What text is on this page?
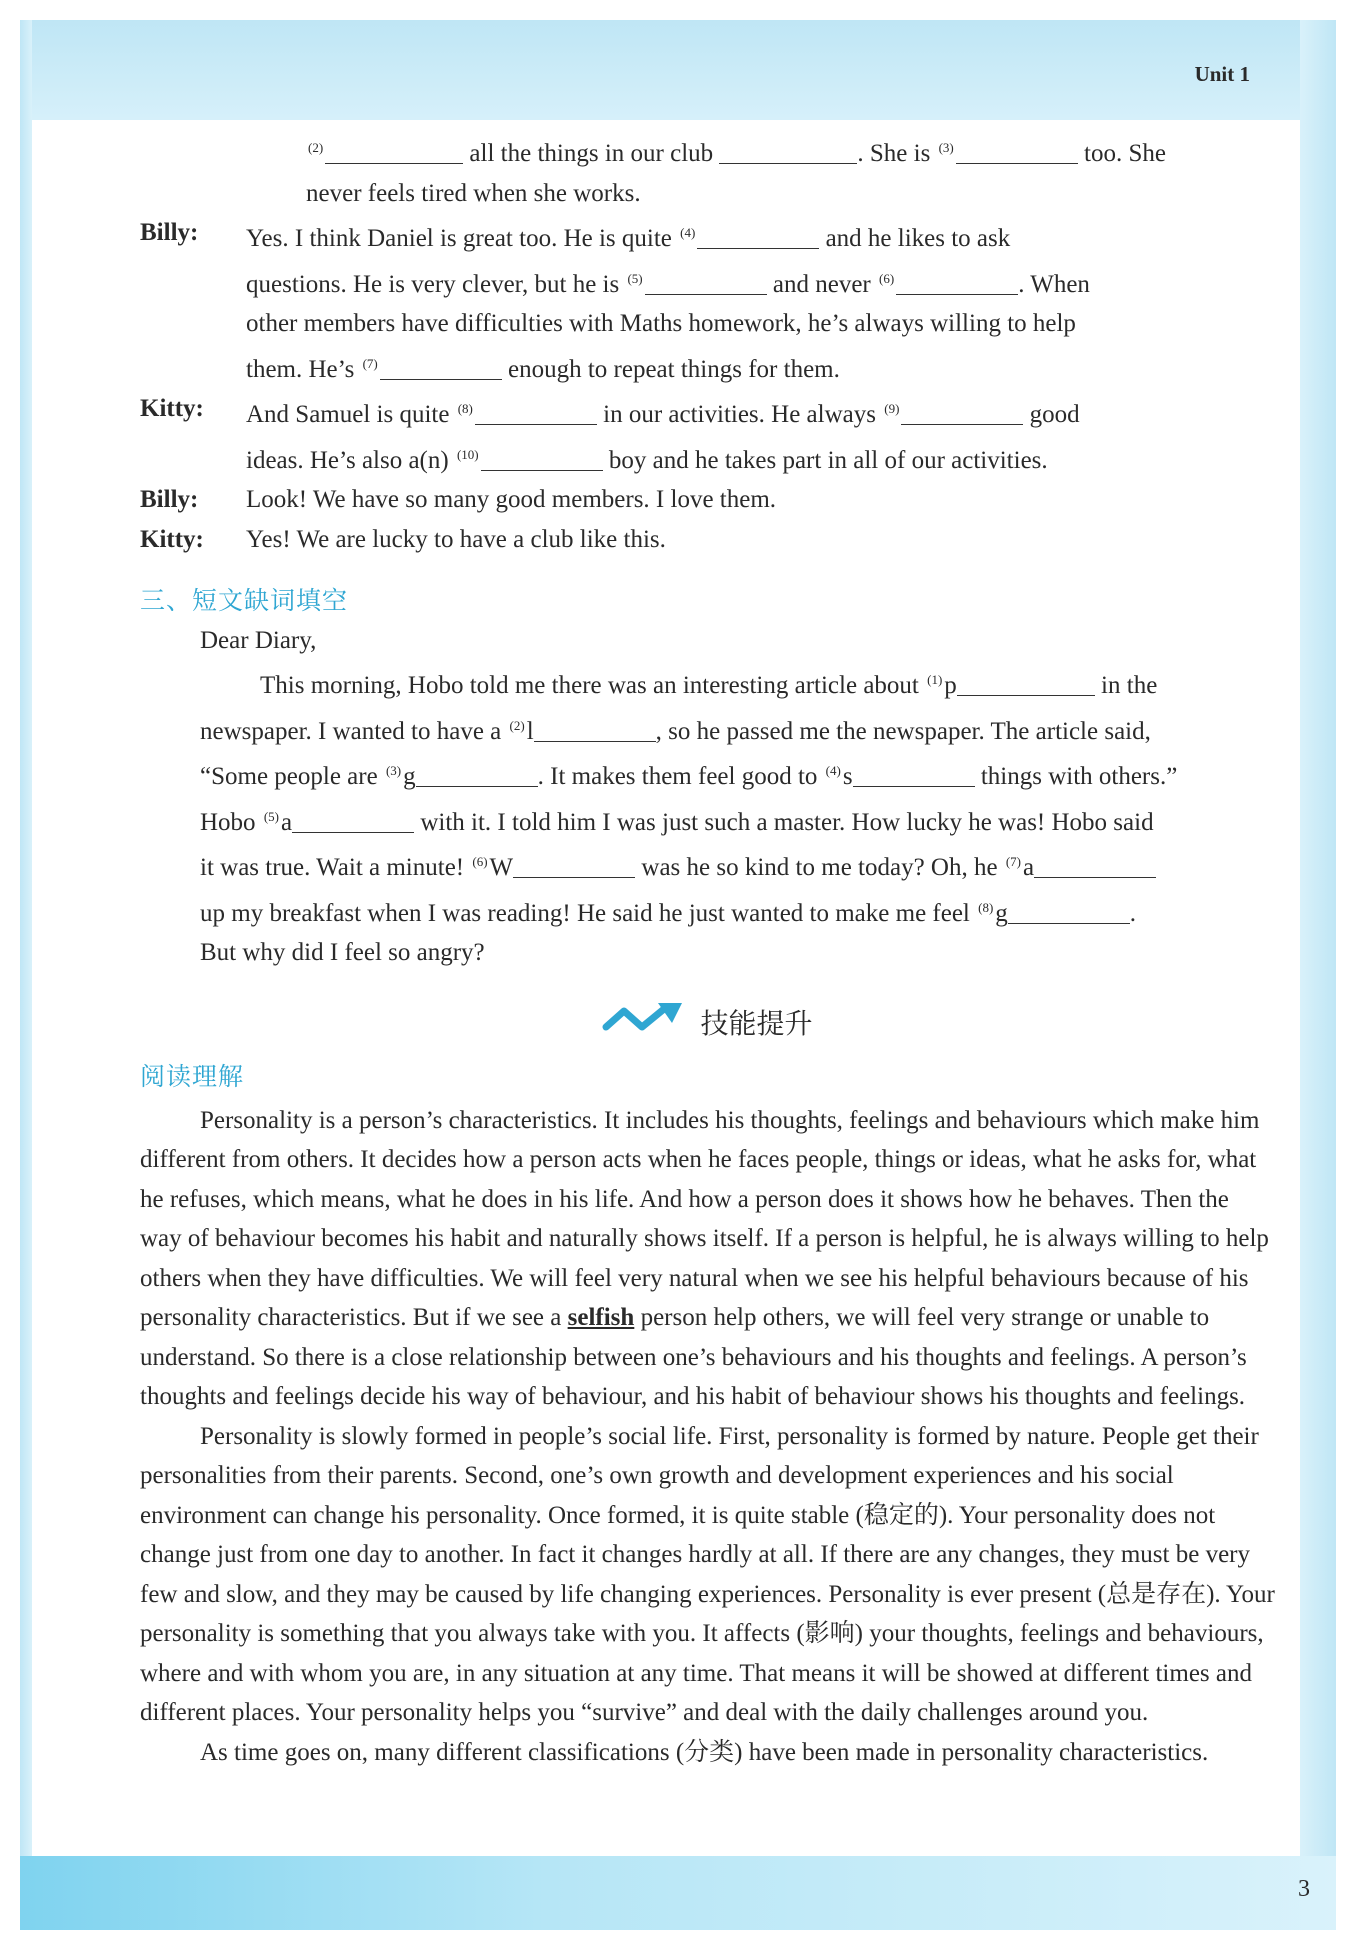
Unit 1
3
$^{(2)}$	all the things in our club	. She is $^{(3)}$	too. She
never feels tired when she works.
Billy:	Yes. I think Daniel is great too. He is quite $^{(4)}$	and he likes to ask
questions. He is very clever, but he is $^{(5)}$	and never $^{(6)}$	. When
other members have difficulties with Maths homework, he’s always willing to help
them. He’s $^{(7)}$	enough to repeat things for them.
Kitty:	And Samuel is quite $^{(8)}$	in our activities. He always $^{(9)}$	good
ideas. He’s also a(n) $^{(10)}$	boy and he takes part in all of our activities.
Billy:	Look! We have so many good members. I love them.
Kitty:	Yes! We are lucky to have a club like this.
三、短文缺词填空
Dear Diary,
This morning, Hobo told me there was an interesting article about $^{(1)}$p	in the
newspaper. I wanted to have a $^{(2)}$l	, so he passed me the newspaper. The article said,
“Some people are $^{(3)}$g	. It makes them feel good to $^{(4)}$s	things with others.”
Hobo $^{(5)}$a	with it. I told him I was just such a master. How lucky he was! Hobo said
it was true. Wait a minute! $^{(6)}$W	was he so kind to me today? Oh, he $^{(7)}$a
up my breakfast when I was reading! He said he just wanted to make me feel $^{(8)}$g	.
But why did I feel so angry?
技能提升
阅读理解
Personality is a person’s characteristics. It includes his thoughts, feelings and behaviours which make him different from others. It decides how a person acts when he faces people, things or ideas, what he asks for, what he refuses, which means, what he does in his life. And how a person does it shows how he behaves. Then the way of behaviour becomes his habit and naturally shows itself. If a person is helpful, he is always willing to help others when they have difficulties. We will feel very natural when we see his helpful behaviours because of his personality characteristics. But if we see a selfish person help others, we will feel very strange or unable to understand. So there is a close relationship between one’s behaviours and his thoughts and feelings. A person’s thoughts and feelings decide his way of behaviour, and his habit of behaviour shows his thoughts and feelings.
Personality is slowly formed in people’s social life. First, personality is formed by nature. People get their personalities from their parents. Second, one’s own growth and development experiences and his social environment can change his personality. Once formed, it is quite stable (稳定的). Your personality does not change just from one day to another. In fact it changes hardly at all. If there are any changes, they must be very few and slow, and they may be caused by life changing experiences. Personality is ever present (总是存在). Your personality is something that you always take with you. It affects (影响) your thoughts, feelings and behaviours, where and with whom you are, in any situation at any time. That means it will be showed at different times and different places. Your personality helps you “survive” and deal with the daily challenges around you.
As time goes on, many different classifications (分类) have been made in personality characteristics.
